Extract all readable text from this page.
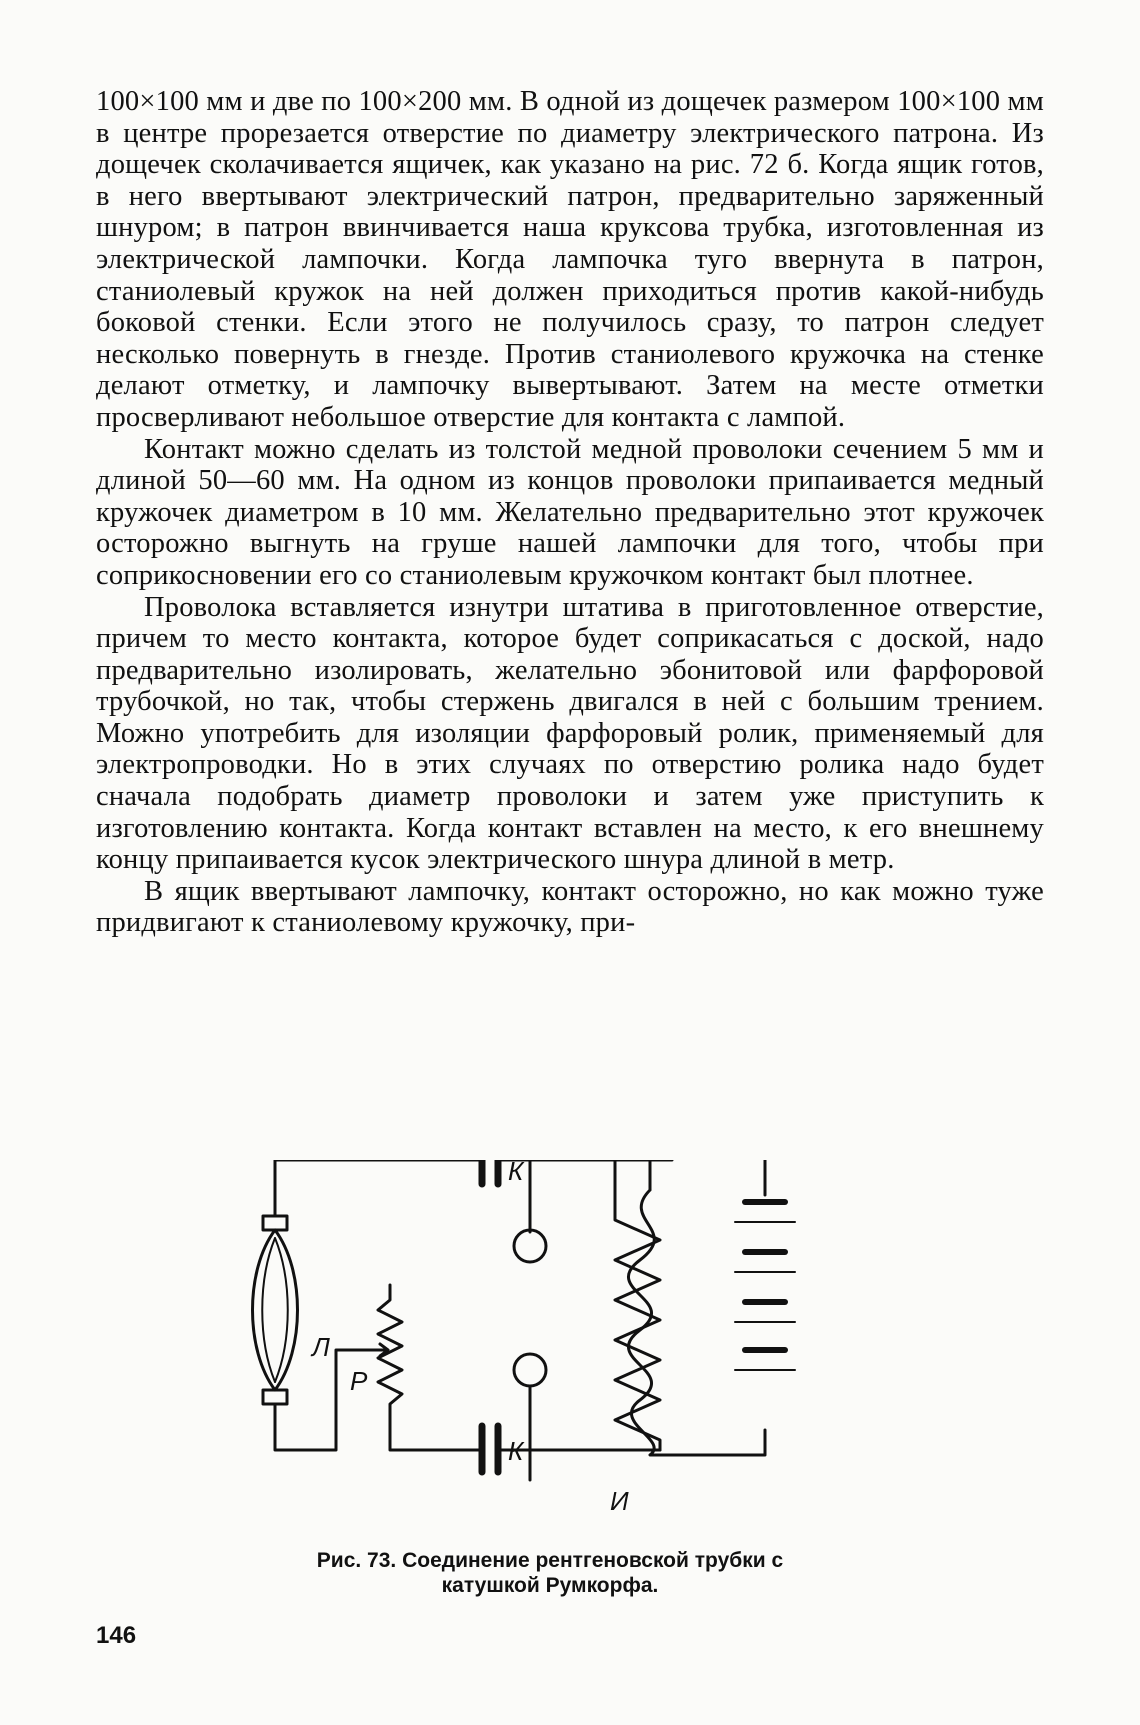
100×100 мм и две по 100×200 мм. В одной из дощечек размером 100×100 мм в центре прорезается отверстие по диаметру электрического патрона. Из дощечек сколачивается ящичек, как указано на рис. 72 б. Когда ящик готов, в него ввертывают электрический патрон, предварительно заряженный шнуром; в патрон ввинчивается наша круксова трубка, изготовленная из электрической лампочки. Когда лампочка туго ввернута в патрон, станиолевый кружок на ней должен приходиться против какой-нибудь боковой стенки. Если этого не получилось сразу, то патрон следует несколько повернуть в гнезде. Против станиолевого кружочка на стенке делают отметку, и лампочку вывертывают. Затем на месте отметки просверливают небольшое отверстие для контакта с лампой.

Контакт можно сделать из толстой медной проволоки сечением 5 мм и длиной 50—60 мм. На одном из концов проволоки припаивается медный кружочек диаметром в 10 мм. Желательно предварительно этот кружочек осторожно выгнуть на груше нашей лампочки для того, чтобы при соприкосновении его со станиолевым кружочком контакт был плотнее.

Проволока вставляется изнутри штатива в приготовленное отверстие, причем то место контакта, которое будет соприкасаться с доской, надо предварительно изолировать, желательно эбонитовой или фарфоровой трубочкой, но так, чтобы стержень двигался в ней с большим трением. Можно употребить для изоляции фарфоровый ролик, применяемый для электропроводки. Но в этих случаях по отверстию ролика надо будет сначала подобрать диаметр проволоки и затем уже приступить к изготовлению контакта. Когда контакт вставлен на место, к его внешнему концу припаивается кусок электрического шнура длиной в метр.

В ящик ввертывают лампочку, контакт осторожно, но как можно туже придвигают к станиолевому кружочку, при-

К
К
Л
Р
И
Рис. 73. Соединение рентгеновской трубки с
катушкой Румкорфа.
146
